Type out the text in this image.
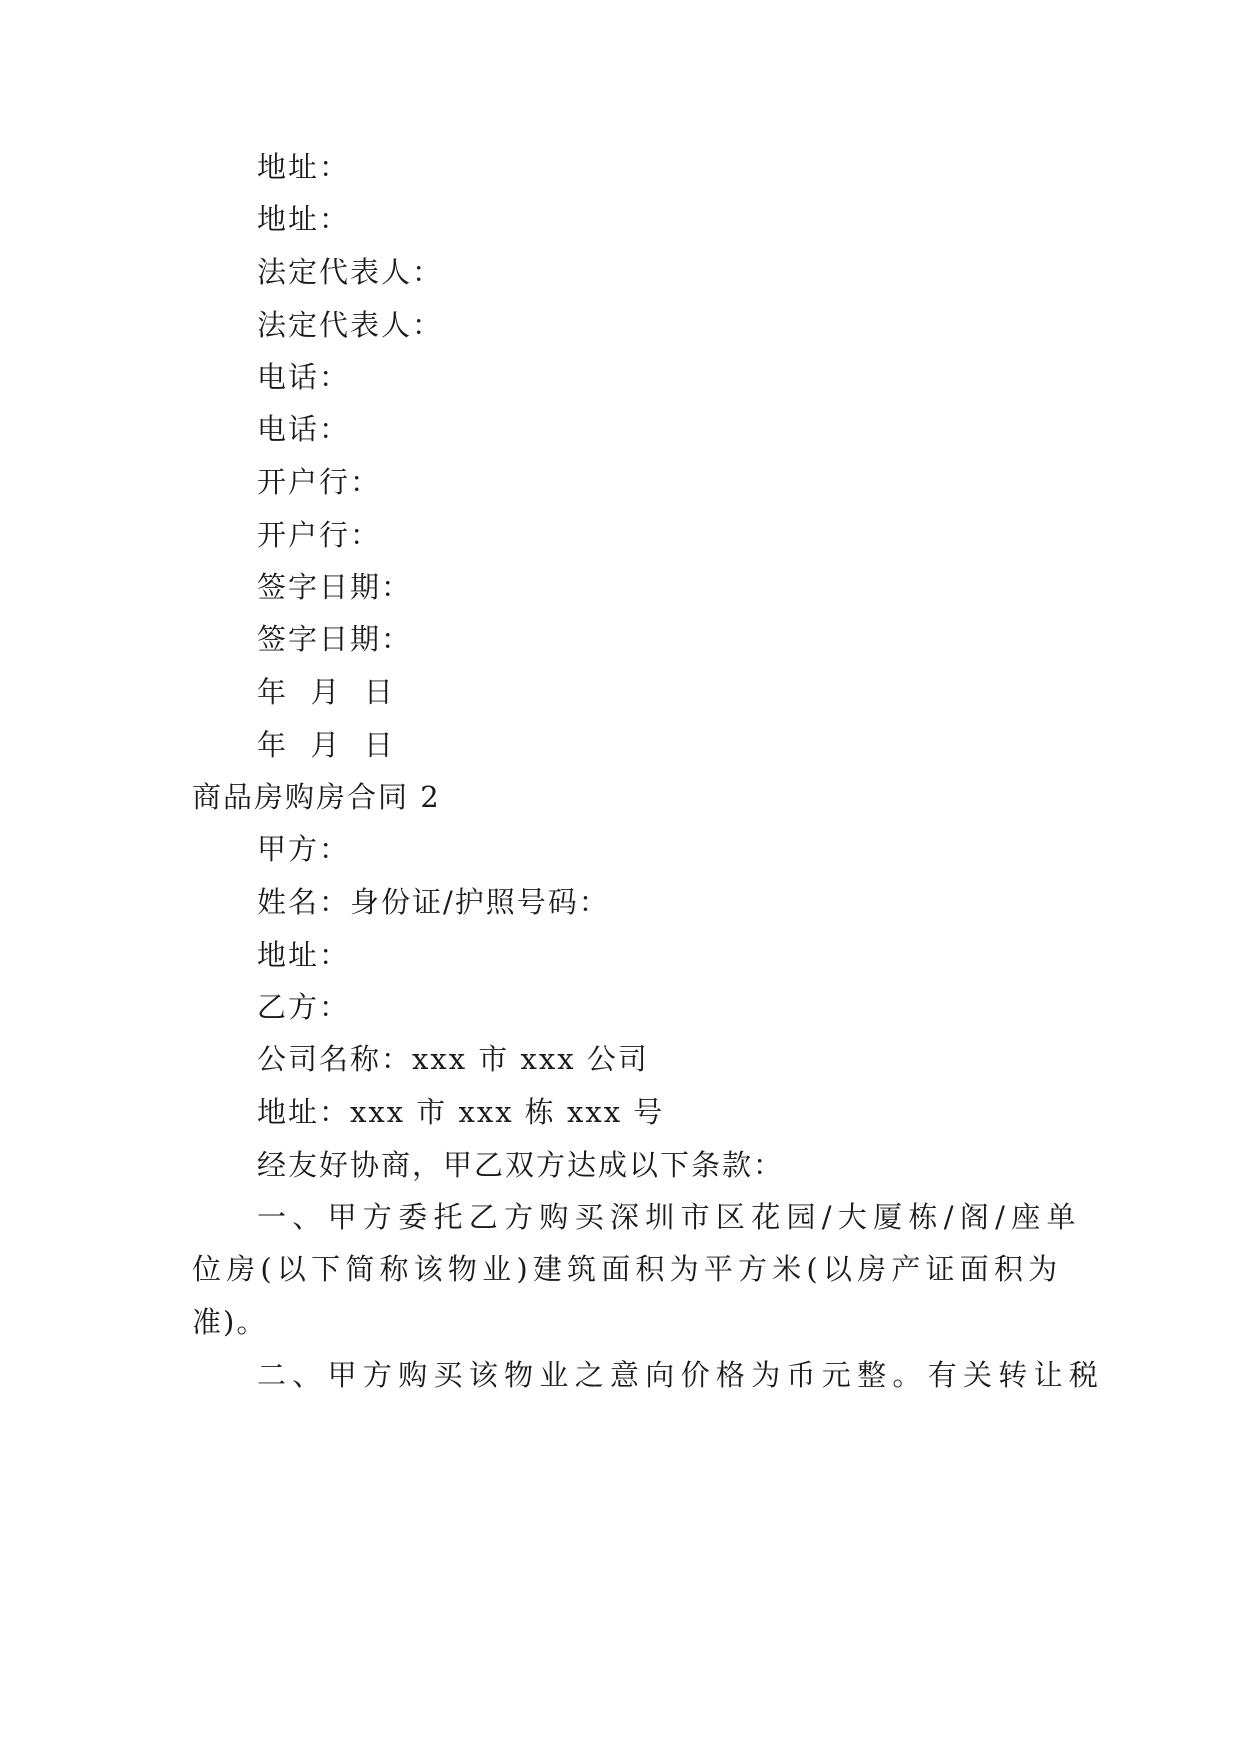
地址：
地址：
法定代表人：
法定代表人：
电话：
电话：
开户行：
开户行：
签字日期：
签字日期：
年  月  日
年  月  日
商品房购房合同 2
甲方：
姓名：身份证/护照号码：
地址：
乙方：
公司名称：xxx 市 xxx 公司
地址：xxx 市 xxx 栋 xxx 号
经友好协商，甲乙双方达成以下条款：
一、甲方委托乙方购买深圳市区花园/大厦栋/阁/座单
位房(以下简称该物业)建筑面积为平方米(以房产证面积为
准)。
二、甲方购买该物业之意向价格为币元整。有关转让税
